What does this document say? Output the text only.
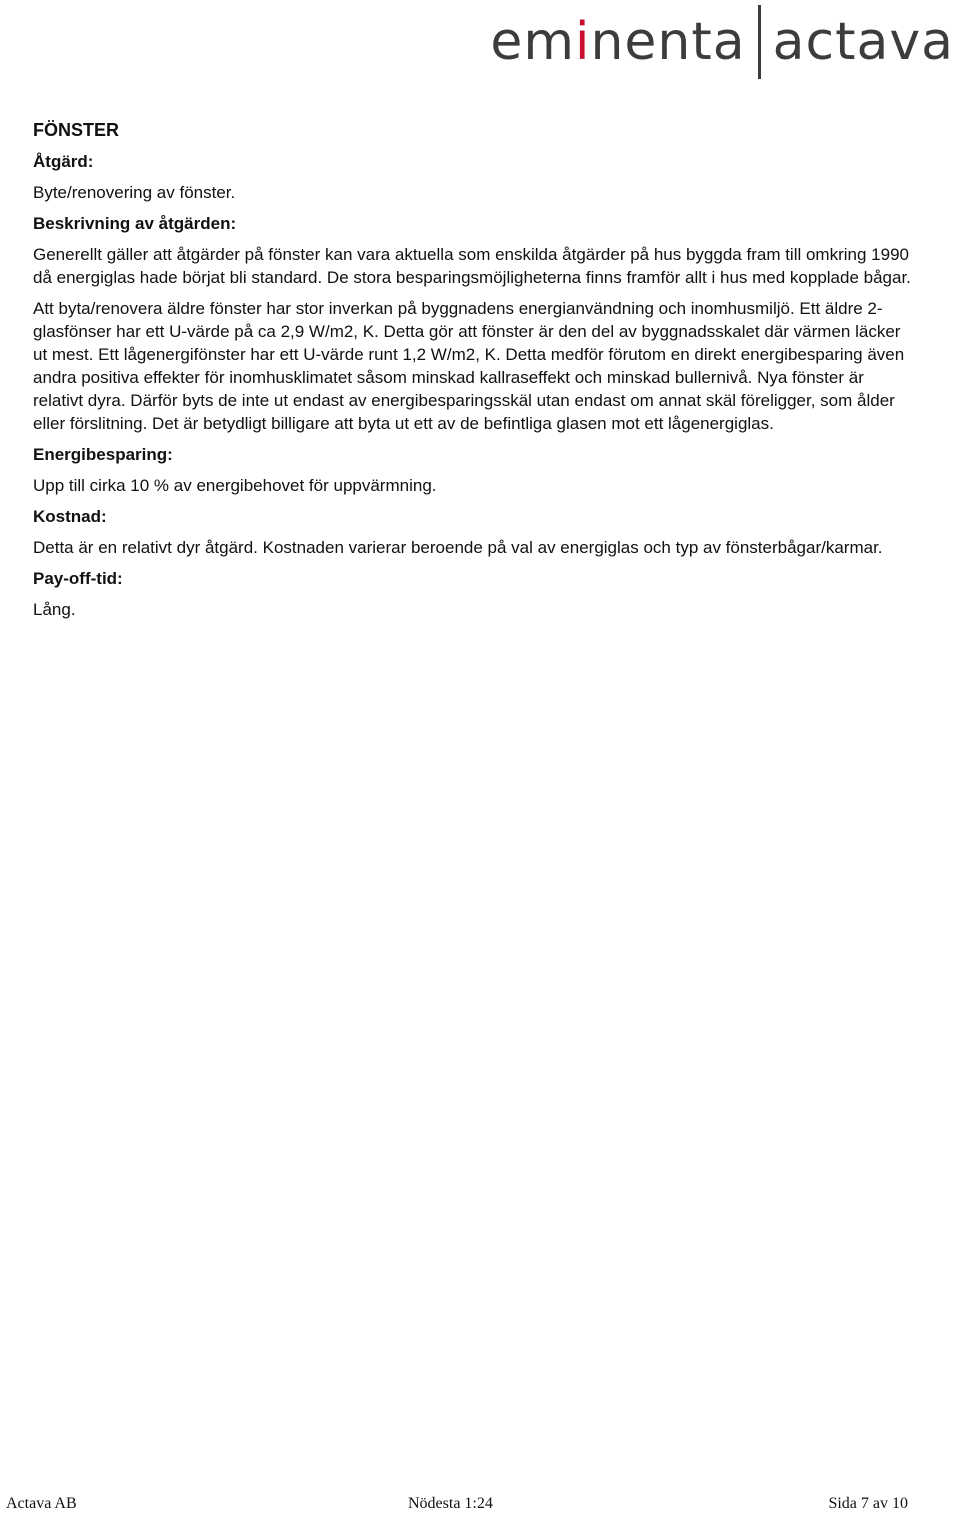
eminenta actava
FÖNSTER
Åtgärd:
Byte/renovering av fönster.
Beskrivning av åtgärden:
Generellt gäller att åtgärder på fönster kan vara aktuella som enskilda åtgärder på hus byggda fram till omkring 1990 då energiglas hade börjat bli standard. De stora besparingsmöjligheterna finns framför allt i hus med kopplade bågar.
Att byta/renovera äldre fönster har stor inverkan på byggnadens energianvändning och inomhusmiljö. Ett äldre 2-glasfönser har ett U-värde på ca 2,9 W/m2, K. Detta gör att fönster är den del av byggnadsskalet där värmen läcker ut mest. Ett lågenergifönster har ett U-värde runt 1,2 W/m2, K. Detta medför förutom en direkt energibesparing även andra positiva effekter för inomhusklimatet såsom minskad kallraseffekt och minskad bullernivå. Nya fönster är relativt dyra. Därför byts de inte ut endast av energibesparingsskäl utan endast om annat skäl föreligger, som ålder eller förslitning. Det är betydligt billigare att byta ut ett av de befintliga glasen mot ett lågenergiglas.
Energibesparing:
Upp till cirka 10 % av energibehovet för uppvärmning.
Kostnad:
Detta är en relativt dyr åtgärd. Kostnaden varierar beroende på val av energiglas och typ av fönsterbågar/karmar.
Pay-off-tid:
Lång.
Actava AB	Nödesta 1:24	Sida 7 av 10
